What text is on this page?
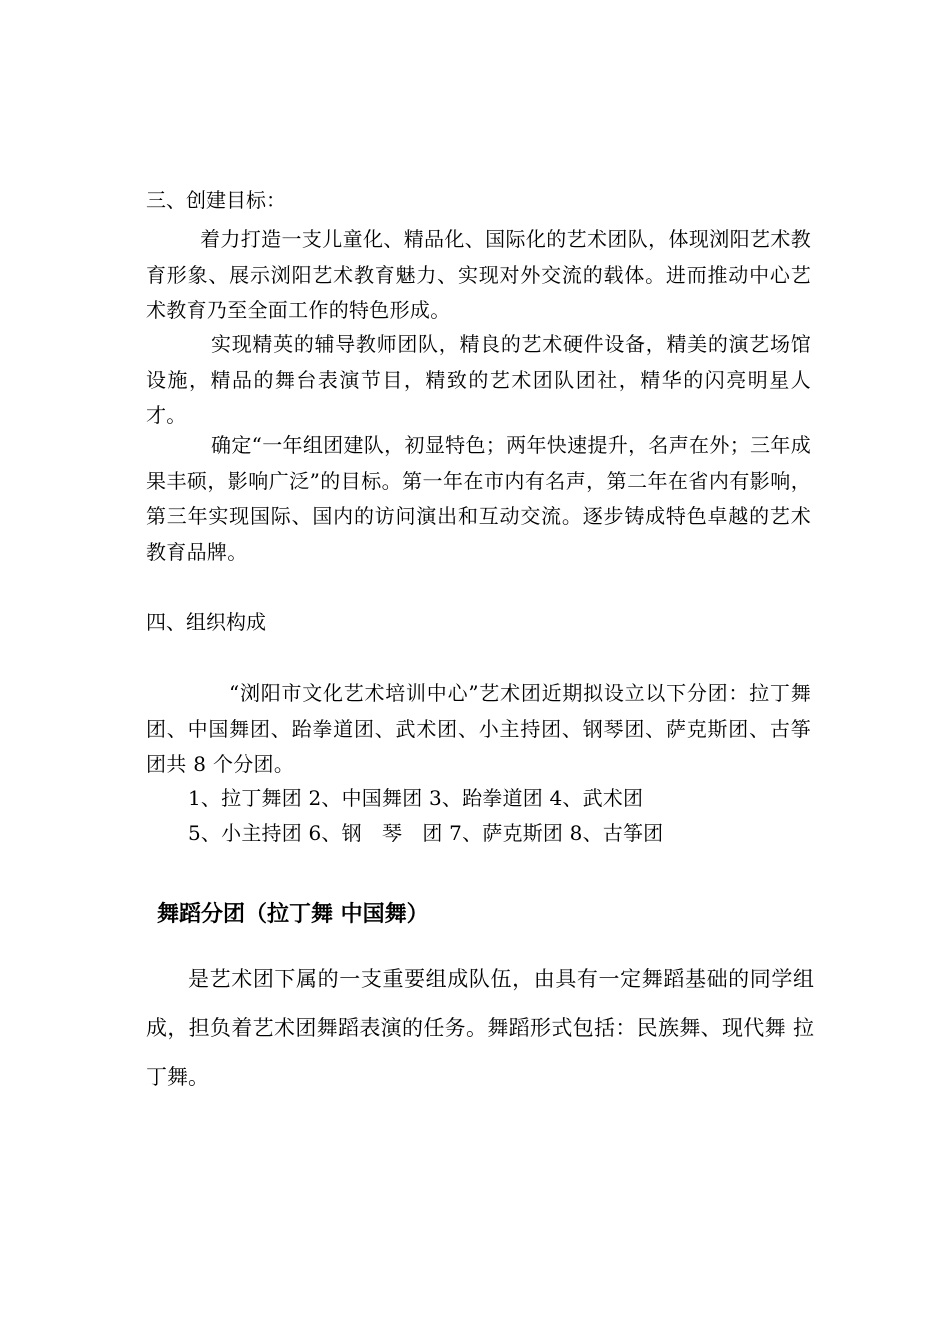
三、创建目标：
着力打造一支儿童化、精品化、国际化的艺术团队，体现浏阳艺术教育形象、展示浏阳艺术教育魅力、实现对外交流的载体。进而推动中心艺术教育乃至全面工作的特色形成。
实现精英的辅导教师团队，精良的艺术硬件设备，精美的演艺场馆设施，精品的舞台表演节目，精致的艺术团队团社，精华的闪亮明星人才。
确定“一年组团建队，初显特色；两年快速提升，名声在外；三年成果丰硕，影响广泛”的目标。第一年在市内有名声，第二年在省内有影响，第三年实现国际、国内的访问演出和互动交流。逐步铸成特色卓越的艺术教育品牌。
四、组织构成
“浏阳市文化艺术培训中心”艺术团近期拟设立以下分团：拉丁舞团、中国舞团、跆拳道团、武术团、小主持团、钢琴团、萨克斯团、古筝团共 8 个分团。
1、拉丁舞团 2、中国舞团 3、跆拳道团 4、武术团
5、小主持团 6、钢　琴　团 7、萨克斯团 8、古筝团
舞蹈分团（拉丁舞 中国舞）
是艺术团下属的一支重要组成队伍，由具有一定舞蹈基础的同学组成，担负着艺术团舞蹈表演的任务。舞蹈形式包括：民族舞、现代舞 拉丁舞。
